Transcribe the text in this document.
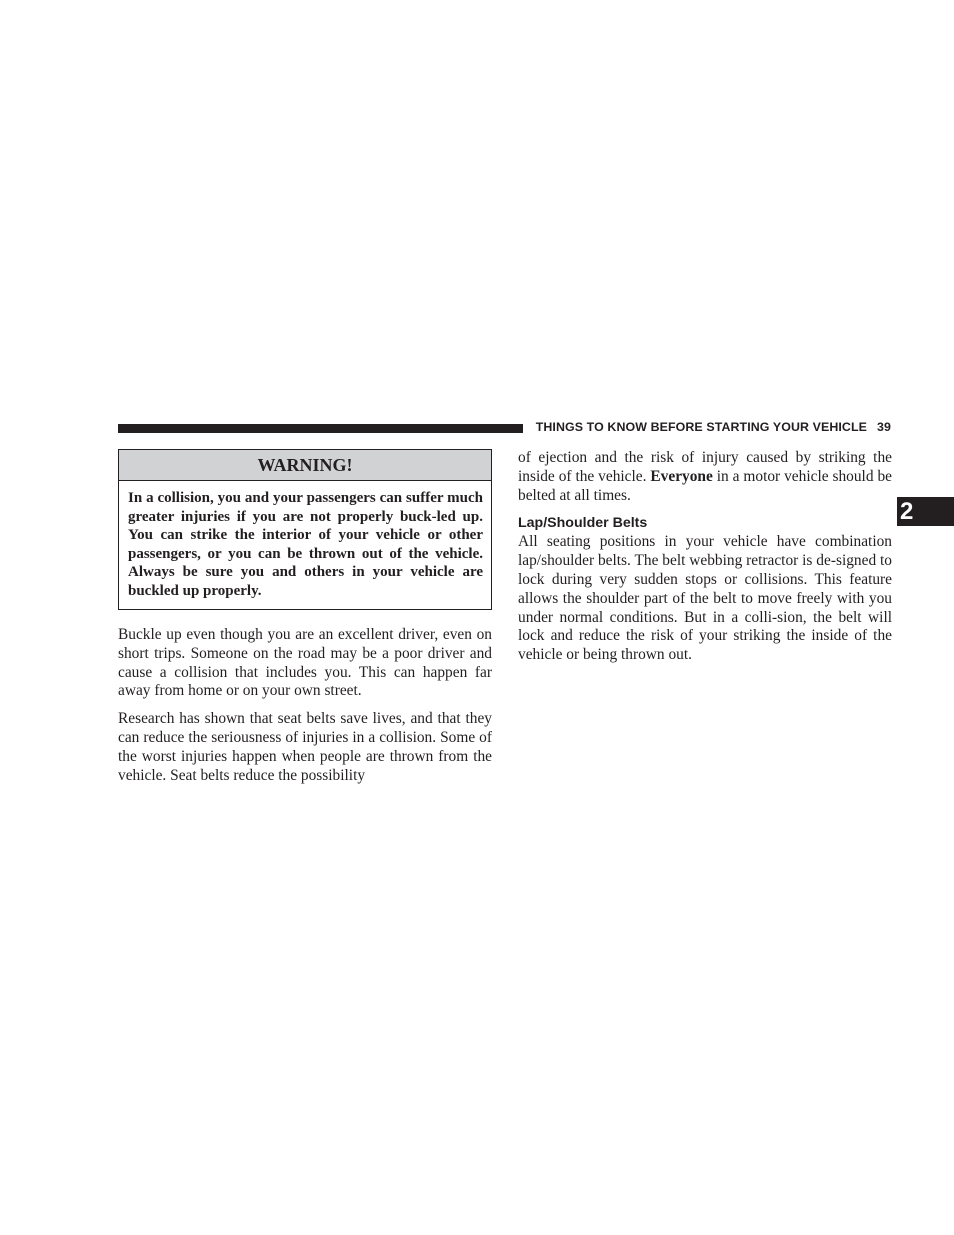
THINGS TO KNOW BEFORE STARTING YOUR VEHICLE 39
2
WARNING!
In a collision, you and your passengers can suffer much greater injuries if you are not properly buck-led up. You can strike the interior of your vehicle or other passengers, or you can be thrown out of the vehicle. Always be sure you and others in your vehicle are buckled up properly.

Buckle up even though you are an excellent driver, even on short trips. Someone on the road may be a poor driver and cause a collision that includes you. This can happen far away from home or on your own street.

Research has shown that seat belts save lives, and that they can reduce the seriousness of injuries in a collision. Some of the worst injuries happen when people are thrown from the vehicle. Seat belts reduce the possibility

of ejection and the risk of injury caused by striking the inside of the vehicle. Everyone in a motor vehicle should be belted at all times.

Lap/Shoulder Belts

All seating positions in your vehicle have combination lap/shoulder belts. The belt webbing retractor is de-signed to lock during very sudden stops or collisions. This feature allows the shoulder part of the belt to move freely with you under normal conditions. But in a colli-sion, the belt will lock and reduce the risk of your striking the inside of the vehicle or being thrown out.
